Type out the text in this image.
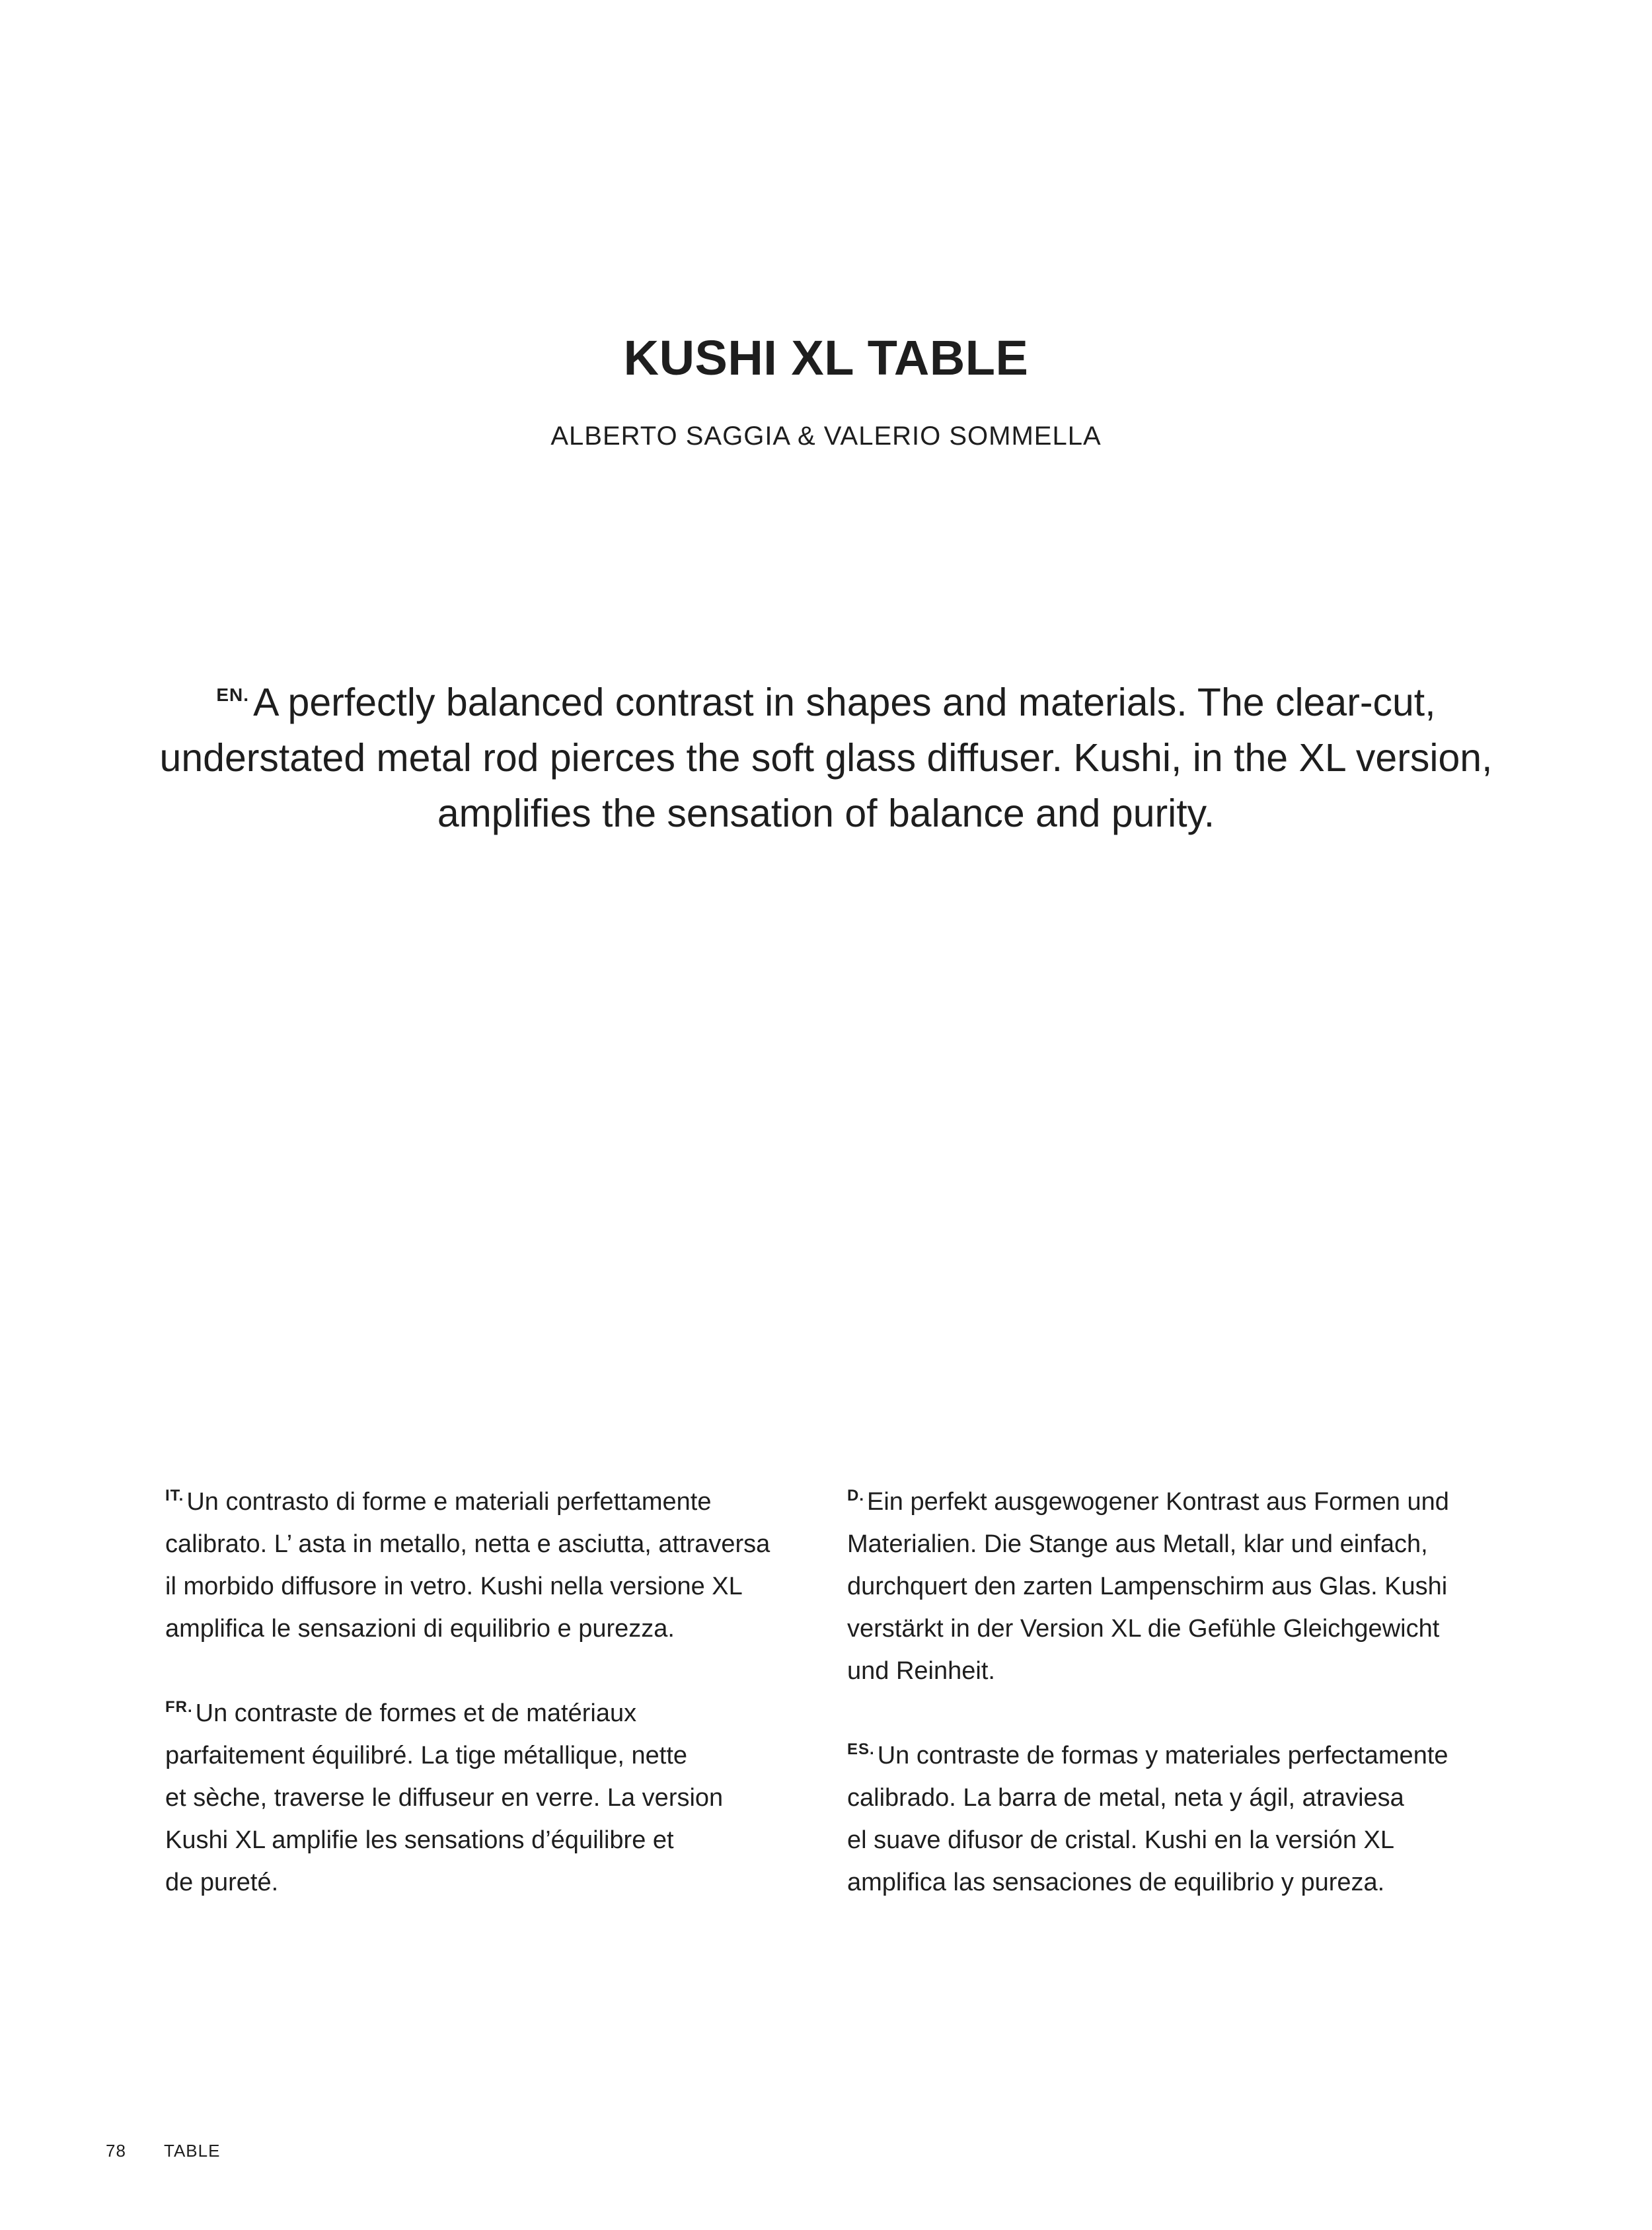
KUSHI XL TABLE
ALBERTO SAGGIA & VALERIO SOMMELLA

$^{EN.}$ A perfectly balanced contrast in shapes and materials. The clear-cut,
understated metal rod pierces the soft glass diffuser. Kushi, in the XL version,
amplifies the sensation of balance and purity.

$^{IT.}$ Un contrasto di forme e materiali perfettamente
calibrato. L’ asta in metallo, netta e asciutta, attraversa
il morbido diffusore in vetro. Kushi nella versione XL
amplifica le sensazioni di equilibrio e purezza.

$^{FR.}$ Un contraste de formes et de matériaux
parfaitement équilibré. La tige métallique, nette
et sèche, traverse le diffuseur en verre. La version
Kushi XL amplifie les sensations d’équilibre et
de pureté.

$^{D.}$ Ein perfekt ausgewogener Kontrast aus Formen und
Materialien. Die Stange aus Metall, klar und einfach,
durchquert den zarten Lampenschirm aus Glas. Kushi
verstärkt in der Version XL die Gefühle Gleichgewicht
und Reinheit.

$^{ES.}$ Un contraste de formas y materiales perfectamente
calibrado. La barra de metal, neta y ágil, atraviesa
el suave difusor de cristal. Kushi en la versión XL
amplifica las sensaciones de equilibrio y pureza.

78 TABLE
